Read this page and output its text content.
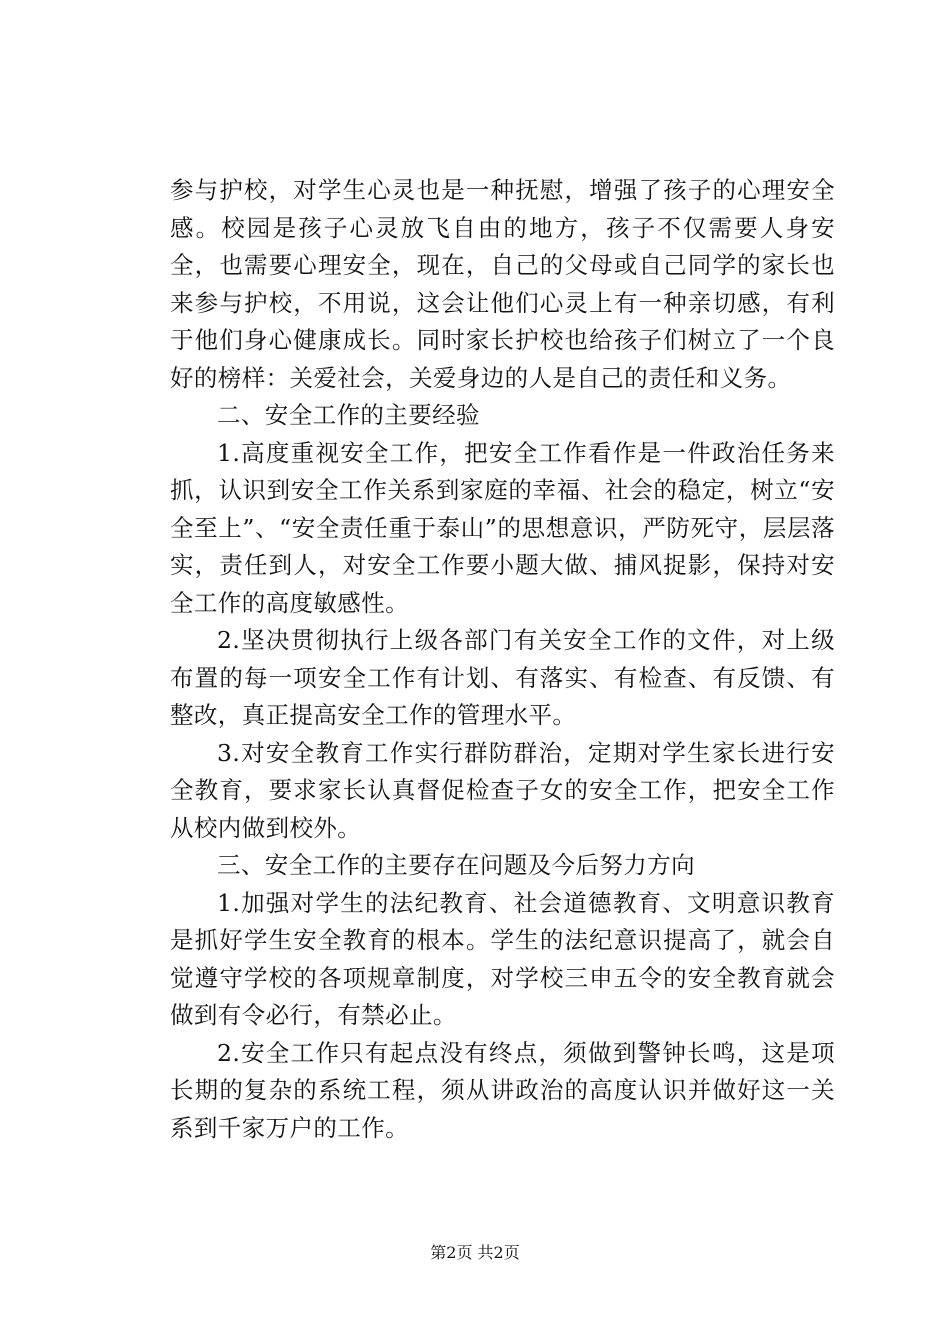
参与护校，对学生心灵也是一种抚慰，增强了孩子的心理安全感。校园是孩子心灵放飞自由的地方，孩子不仅需要人身安全，也需要心理安全，现在，自己的父母或自己同学的家长也来参与护校，不用说，这会让他们心灵上有一种亲切感，有利于他们身心健康成长。同时家长护校也给孩子们树立了一个良好的榜样：关爱社会，关爱身边的人是自己的责任和义务。

二、安全工作的主要经验

1.高度重视安全工作，把安全工作看作是一件政治任务来抓，认识到安全工作关系到家庭的幸福、社会的稳定，树立“安全至上”、“安全责任重于泰山”的思想意识，严防死守，层层落实，责任到人，对安全工作要小题大做、捕风捉影，保持对安全工作的高度敏感性。

2.坚决贯彻执行上级各部门有关安全工作的文件，对上级布置的每一项安全工作有计划、有落实、有检查、有反馈、有整改，真正提高安全工作的管理水平。

3.对安全教育工作实行群防群治，定期对学生家长进行安全教育，要求家长认真督促检查子女的安全工作，把安全工作从校内做到校外。

三、安全工作的主要存在问题及今后努力方向

1.加强对学生的法纪教育、社会道德教育、文明意识教育是抓好学生安全教育的根本。学生的法纪意识提高了，就会自觉遵守学校的各项规章制度，对学校三申五令的安全教育就会做到有令必行，有禁必止。

2.安全工作只有起点没有终点，须做到警钟长鸣，这是项长期的复杂的系统工程，须从讲政治的高度认识并做好这一关系到千家万户的工作。

第2页 共2页
